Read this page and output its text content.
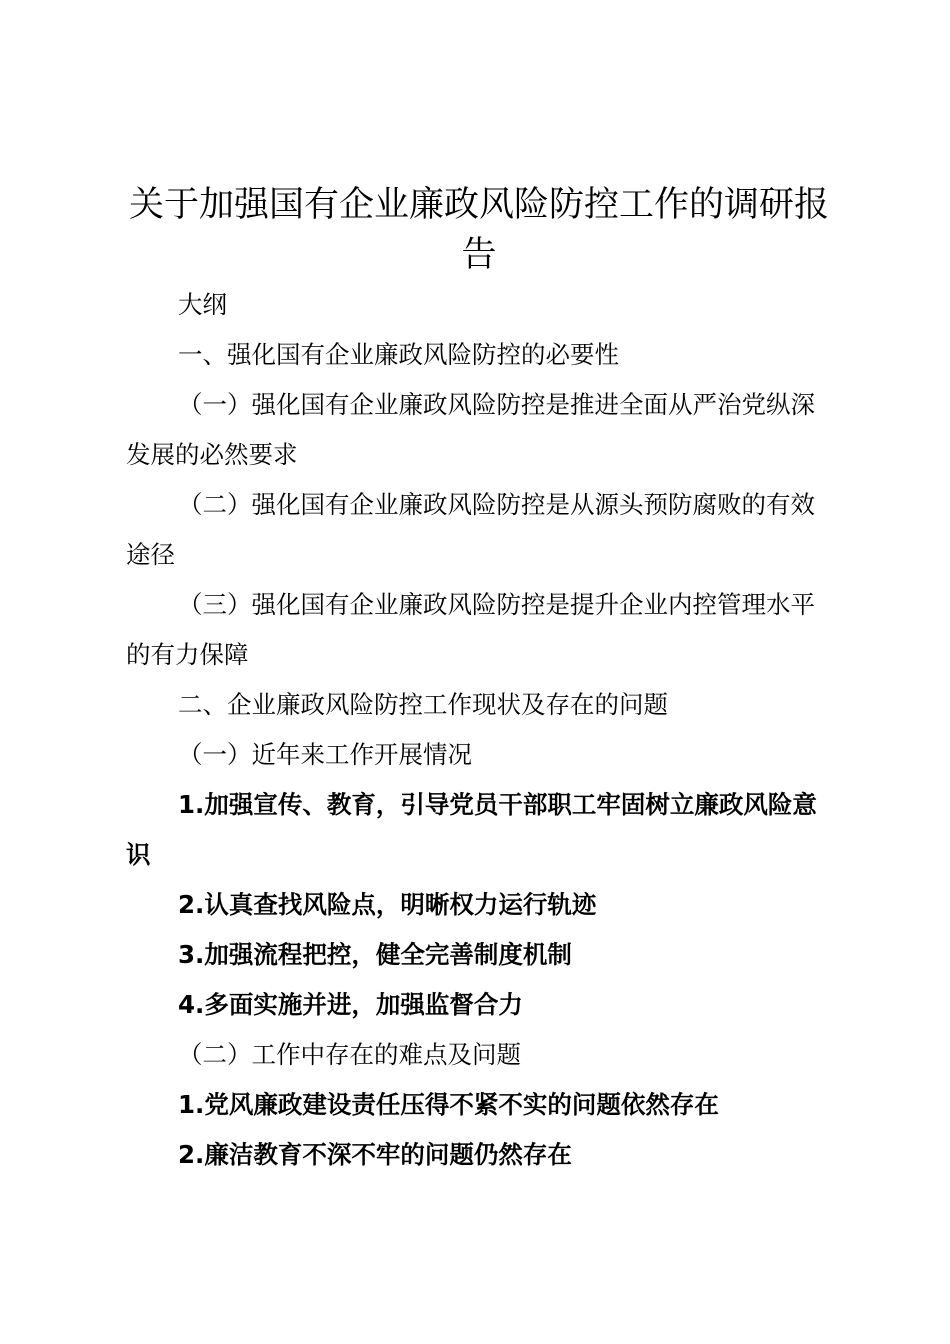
关于加强国有企业廉政风险防控工作的调研报告

大纲

一、强化国有企业廉政风险防控的必要性

（一）强化国有企业廉政风险防控是推进全面从严治党纵深发展的必然要求

（二）强化国有企业廉政风险防控是从源头预防腐败的有效途径

（三）强化国有企业廉政风险防控是提升企业内控管理水平的有力保障

二、企业廉政风险防控工作现状及存在的问题

（一）近年来工作开展情况

1.加强宣传、教育，引导党员干部职工牢固树立廉政风险意识

2.认真查找风险点，明晰权力运行轨迹

3.加强流程把控，健全完善制度机制

4.多面实施并进，加强监督合力

（二）工作中存在的难点及问题

1.党风廉政建设责任压得不紧不实的问题依然存在

2.廉洁教育不深不牢的问题仍然存在
